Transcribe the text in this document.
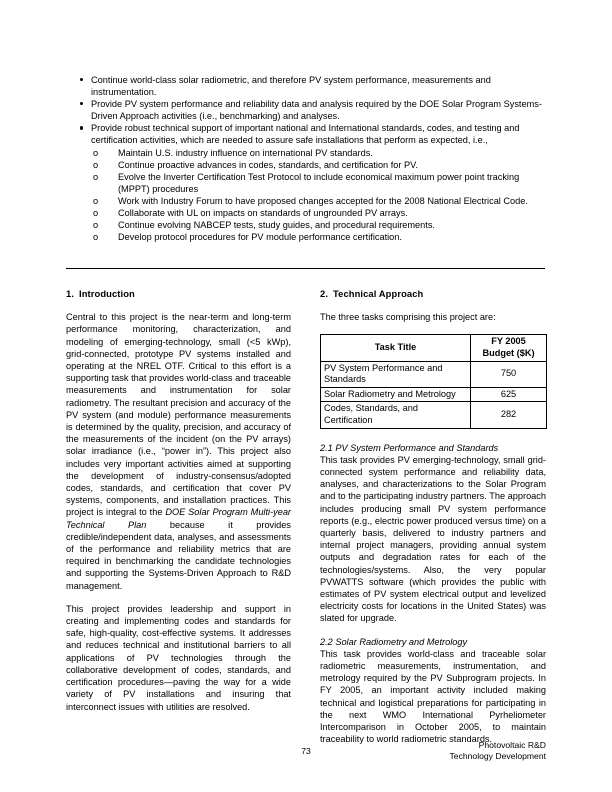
Continue world-class solar radiometric, and therefore PV system performance, measurements and instrumentation.
Provide PV system performance and reliability data and analysis required by the DOE Solar Program Systems-Driven Approach activities (i.e., benchmarking) and analyses.
Provide robust technical support of important national and International standards, codes, and testing and certification activities, which are needed to assure safe installations that perform as expected, i.e.,
o	Maintain U.S. industry influence on international PV standards.
o	Continue proactive advances in codes, standards, and certification for PV.
o	Evolve the Inverter Certification Test Protocol to include economical maximum power point tracking (MPPT) procedures
o	Work with Industry Forum to have proposed changes accepted for the 2008 National Electrical Code.
o	Collaborate with UL on impacts on standards of ungrounded PV arrays.
o	Continue evolving NABCEP tests, study guides, and procedural requirements.
o	Develop protocol procedures for PV module performance certification.
1. Introduction

Central to this project is the near-term and long-term performance monitoring, characterization, and modeling of emerging-technology, small (<5 kWp), grid-connected, prototype PV systems installed and operating at the NREL OTF. Critical to this effort is a supporting task that provides world-class and traceable measurements and instrumentation for solar radiometry. The resultant precision and accuracy of the PV system (and module) performance measurements is determined by the quality, precision, and accuracy of the measurements of the incident (on the PV arrays) solar irradiance (i.e., “power in”). This project also includes very important activities aimed at supporting the development of industry-consensus/adopted codes, standards, and certification that cover PV systems, components, and installation practices. This project is integral to the DOE Solar Program Multi-year Technical Plan because it provides credible/independent data, analyses, and assessments of the performance and reliability metrics that are required in benchmarking the candidate technologies and supporting the Systems-Driven Approach to R&D management.

This project provides leadership and support in creating and implementing codes and standards for safe, high-quality, cost-effective systems. It addresses and reduces technical and institutional barriers to all applications of PV technologies through the collaborative development of codes, standards, and certification procedures—paving the way for a wide variety of PV installations and insuring that interconnect issues with utilities are resolved.

2. Technical Approach

The three tasks comprising this project are:

Task Title	FY 2005
Budget ($K)
PV System Performance and Standards	750
Solar Radiometry and Metrology	625
Codes, Standards, and Certification	282
2.1 PV System Performance and Standards

This task provides PV emerging-technology, small grid-connected system performance and reliability data, analyses, and characterizations to the Solar Program and to the participating industry partners. The approach includes producing small PV system performance reports (e.g., electric power produced versus time) on a quarterly basis, delivered to industry partners and internal project managers, providing annual system outputs and degradation rates for each of the technologies/systems. Also, the very popular PVWATTS software (which provides the public with estimates of PV system electrical output and levelized electricity costs for locations in the United States) was slated for upgrade.

2.2 Solar Radiometry and Metrology

This task provides world-class and traceable solar radiometric measurements, instrumentation, and metrology required by the PV Subprogram projects. In FY 2005, an important activity included making technical and logistical preparations for participating in the next WMO International Pyrheliometer Intercomparison in October 2005, to maintain traceability to world radiometric standards.

73
Photovoltaic R&D
Technology Development
